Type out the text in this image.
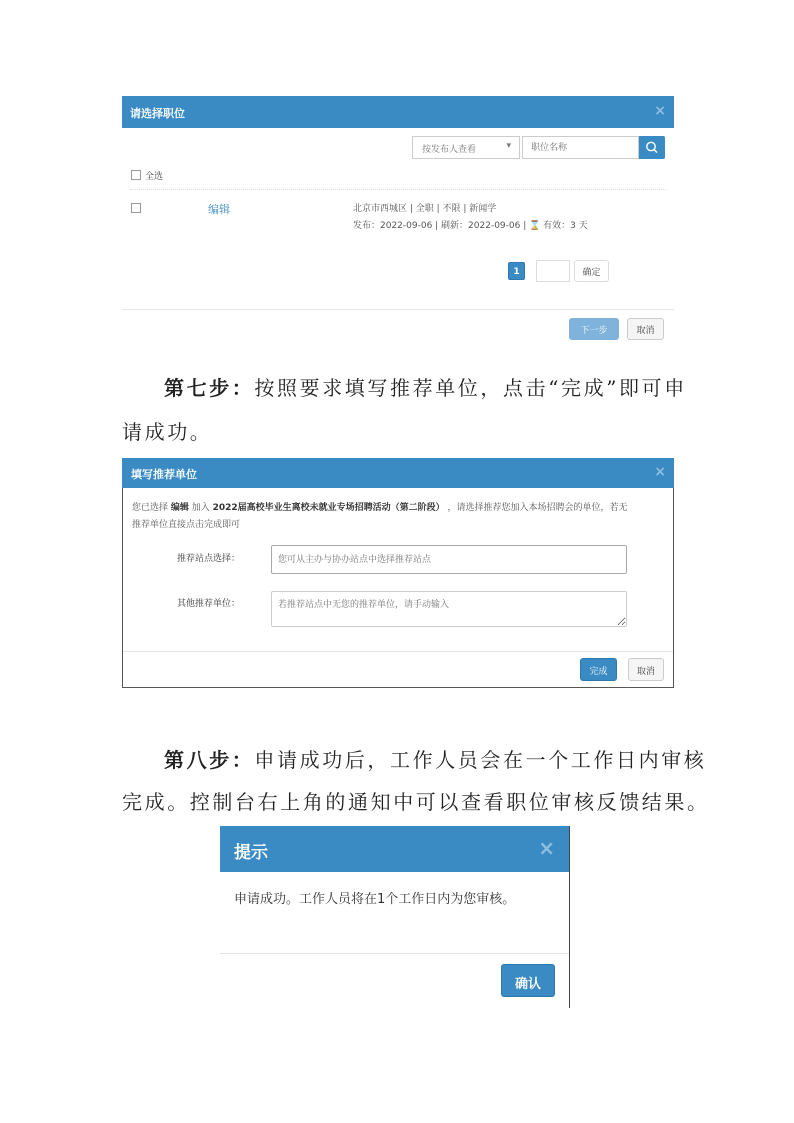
请选择职位	×
按发布人查看	▾
职位名称
全选
编辑	北京市西城区 | 全职 | 不限 | 新闻学
发布：2022-09-06 | 刷新：2022-09-06 | ⌛ 有效：3 天
1	确定
下一步	取消
第七步：按照要求填写推荐单位，点击“完成”即可申
请成功。
填写推荐单位	×
您已选择 编辑 加入 2022届高校毕业生离校未就业专场招聘活动（第二阶段） ，请选择推荐您加入本场招聘会的单位，若无
推荐单位直接点击完成即可
推荐站点选择：
您可从主办与协办站点中选择推荐站点
其他推荐单位：
若推荐站点中无您的推荐单位，请手动输入
完成	取消
第八步：申请成功后，工作人员会在一个工作日内审核
完成。控制台右上角的通知中可以查看职位审核反馈结果。
提示	×
申请成功。工作人员将在1个工作日内为您审核。
确认
